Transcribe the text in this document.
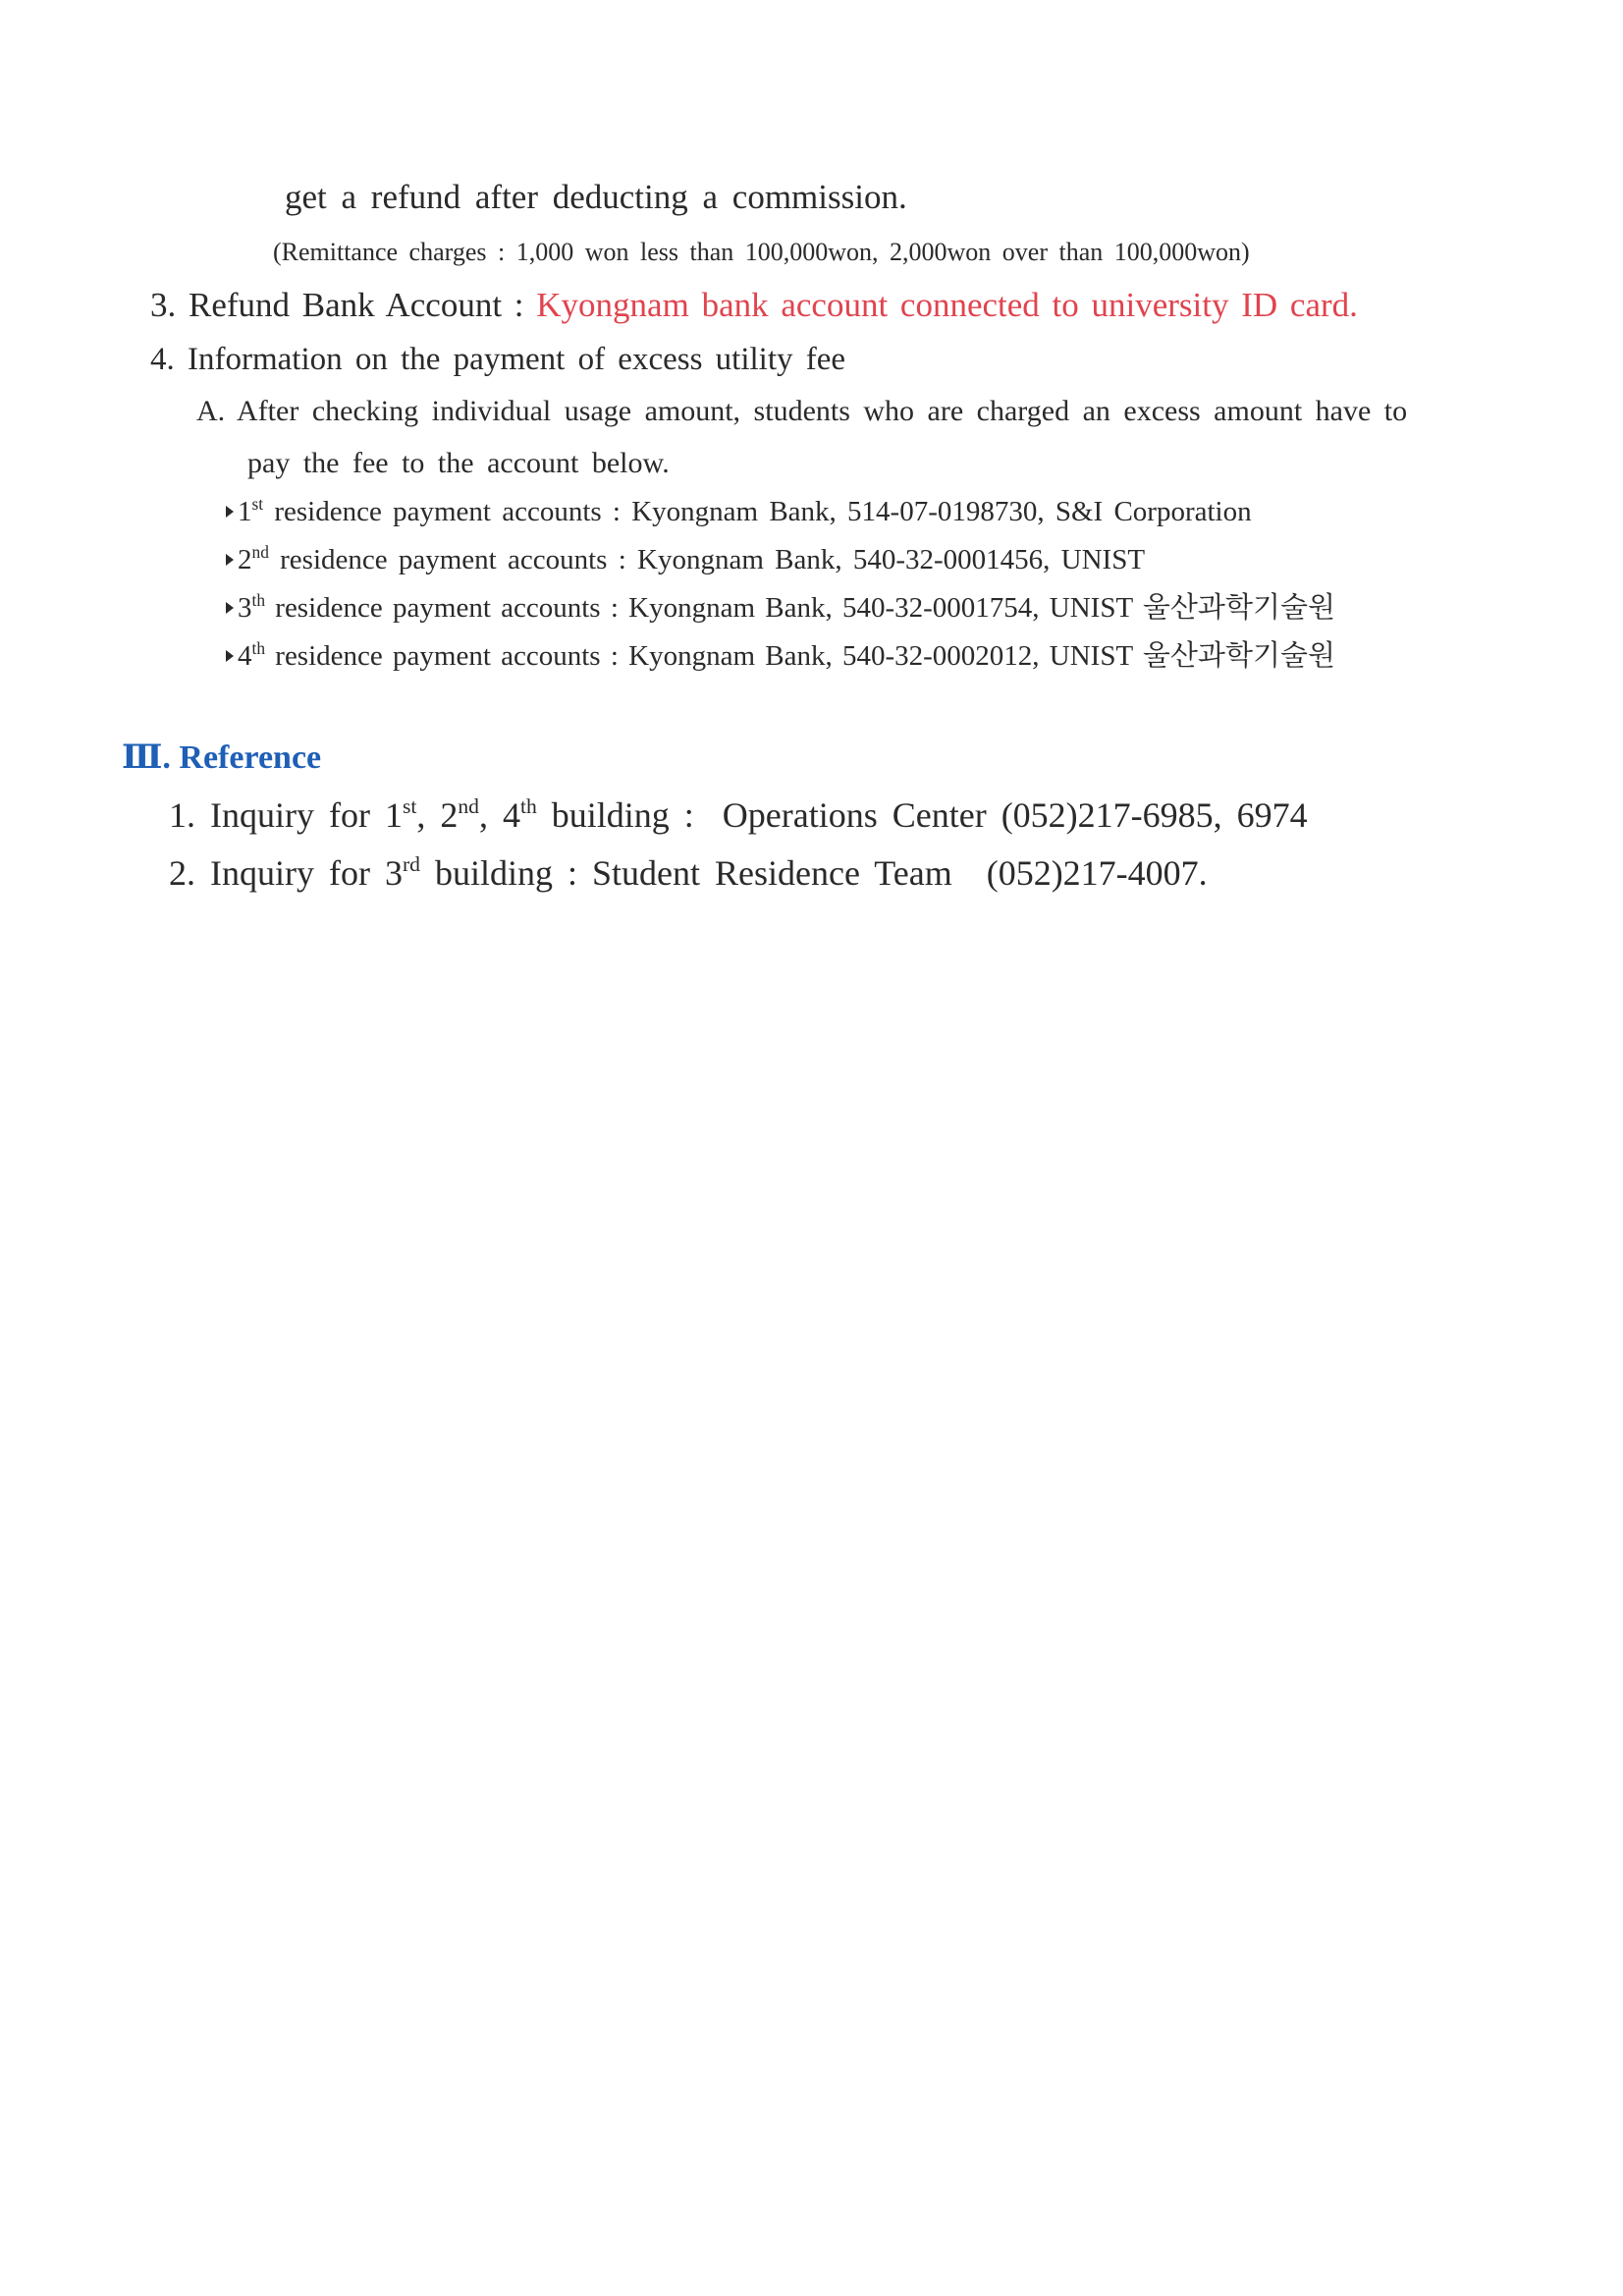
get a refund after deducting a commission.
(Remittance charges : 1,000 won less than 100,000won, 2,000won over than 100,000won)
3. Refund Bank Account : Kyongnam bank account connected to university ID card.
4. Information on the payment of excess utility fee
A. After checking individual usage amount, students who are charged an excess amount have to
pay the fee to the account below.
1st residence payment accounts : Kyongnam Bank, 514-07-0198730, S&I Corporation
2nd residence payment accounts : Kyongnam Bank, 540-32-0001456, UNIST
3th residence payment accounts : Kyongnam Bank, 540-32-0001754, UNIST 울산과학기술원
4th residence payment accounts : Kyongnam Bank, 540-32-0002012, UNIST 울산과학기술원
Ⅲ. Reference
1. Inquiry for 1st, 2nd, 4th building : Operations Center (052)217-6985, 6974
2. Inquiry for 3rd building : Student Residence Team (052)217-4007.
